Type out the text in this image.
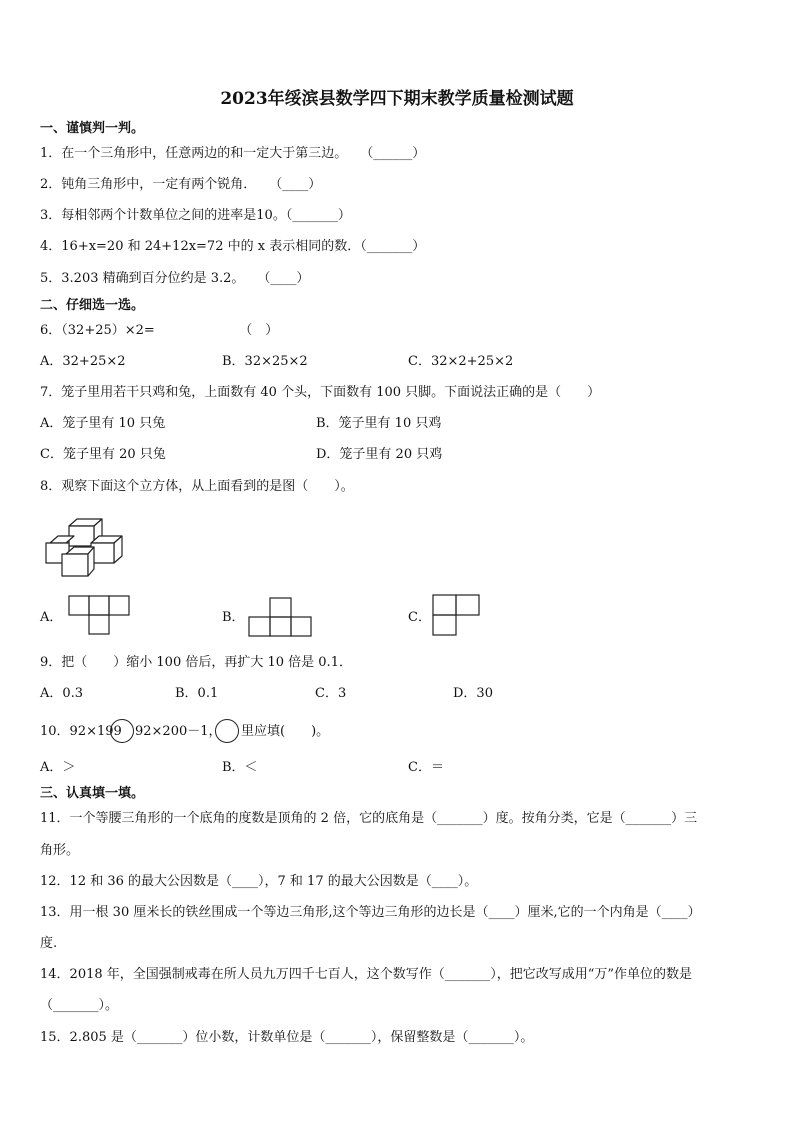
2023年绥滨县数学四下期末教学质量检测试题
一、谨慎判一判。
1．在一个三角形中，任意两边的和一定大于第三边。　　（______）
2．钝角三角形中，一定有两个锐角．　　（____）
3．每相邻两个计数单位之间的进率是10。（_______）
4．16+x=20 和 24+12x=72 中的 x 表示相同的数．（_______）
5．3.203 精确到百分位约是 3.2。　　（____）
二、仔细选一选。
6．（32+25）×2=　　　　　　　（　）
A．32+25×2	B．32×25×2	C．32×2+25×2
7．笼子里用若干只鸡和兔，上面数有 40 个头，下面数有 100 只脚。下面说法正确的是（　　）
A．笼子里有 10 只兔	B．笼子里有 10 只鸡
C．笼子里有 20 只兔	D．笼子里有 20 只鸡
8．观察下面这个立方体，从上面看到的是图（　　）。
A．	B．	C．
9．把（　　）缩小 100 倍后，再扩大 10 倍是 0.1．
A．0.3	B．0.1	C．3	D．30
10．92×199 92×200－1， 里应填(　　)。
A．＞	B．＜	C．＝
三、认真填一填。
11．一个等腰三角形的一个底角的度数是顶角的 2 倍，它的底角是（_______）度。按角分类，它是（_______）三
角形。
12．12 和 36 的最大公因数是（____），7 和 17 的最大公因数是（____）。
13．用一根 30 厘米长的铁丝围成一个等边三角形,这个等边三角形的边长是（____）厘米,它的一个内角是（____）
度.
14．2018 年，全国强制戒毒在所人员九万四千七百人，这个数写作（_______），把它改写成用“万”作单位的数是
（_______）。
15．2.805 是（_______）位小数，计数单位是（_______），保留整数是（_______）。
